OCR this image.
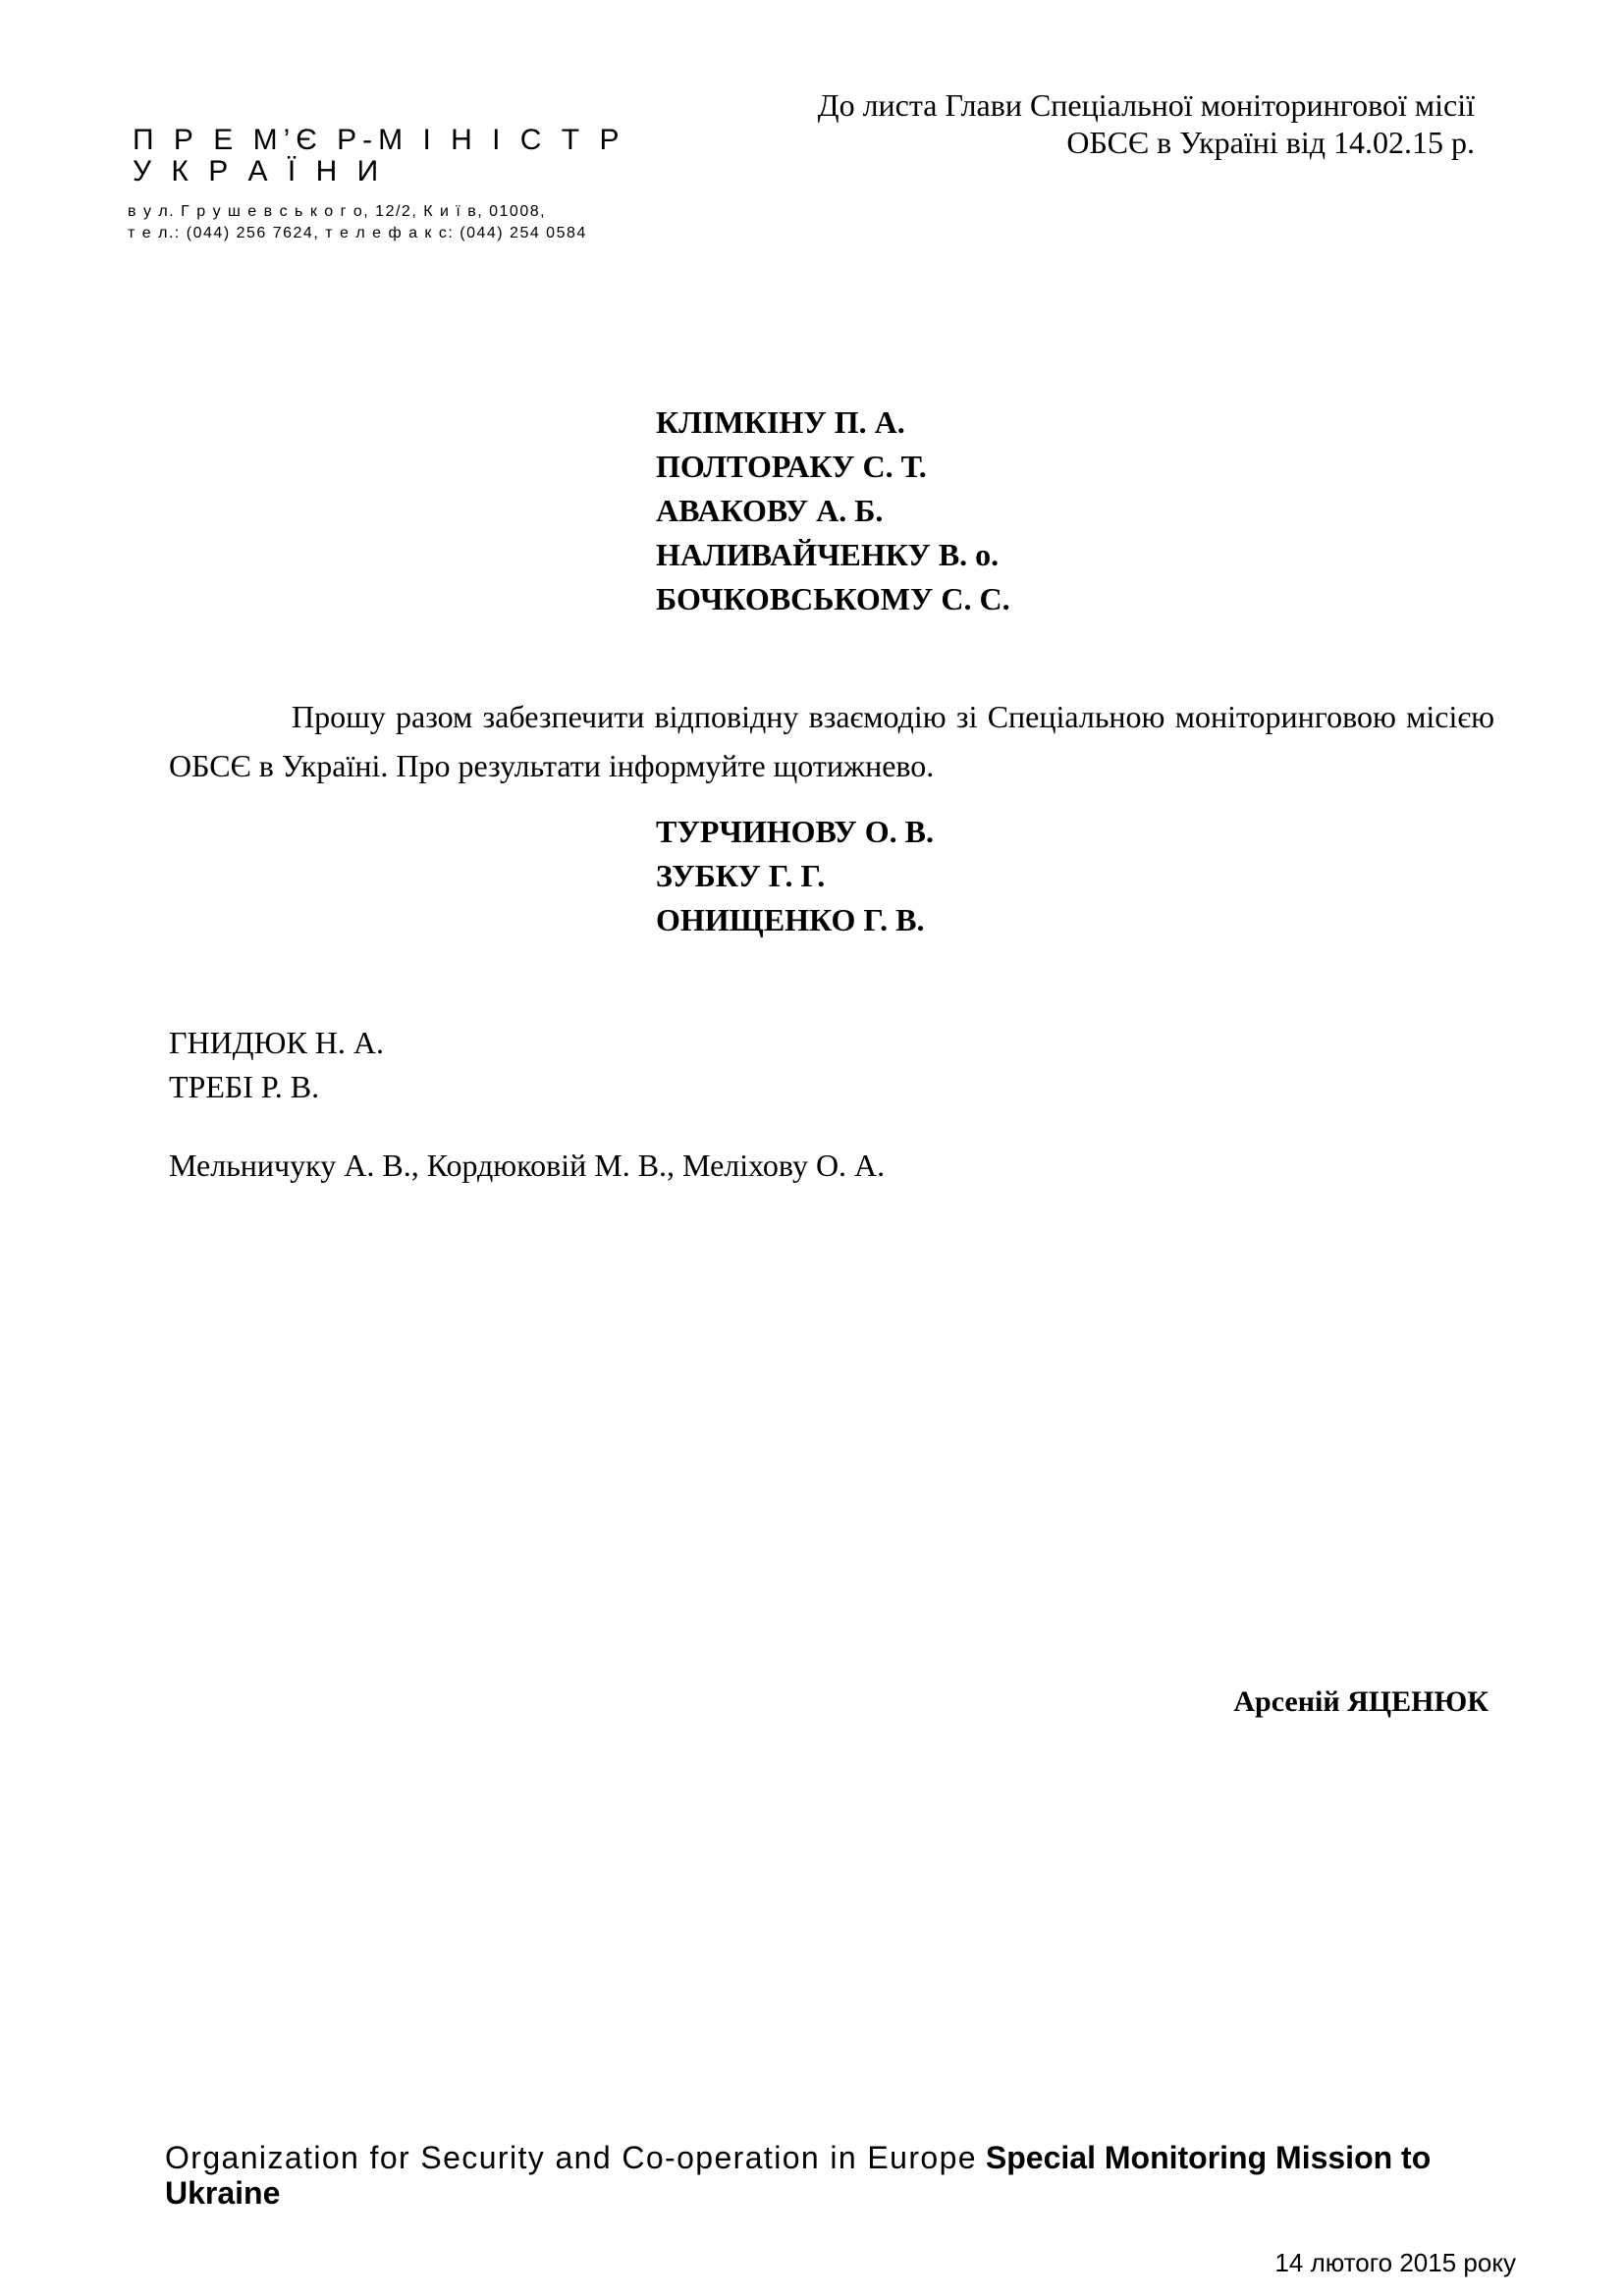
П Р Е М’Є Р-М І Н І С Т Р
У К Р А Ї Н И
в у л. Г р у ш е в с ь к о г о, 12/2, К и ї в, 01008,
т е л.: (044) 256 7624, т е л е ф а к с: (044) 254 0584
До листа Глави Спеціальної моніторингової місії
ОБСЄ в Україні від 14.02.15 р.
КЛІМКІНУ П. А.
ПОЛТОРАКУ С. Т.
АВАКОВУ А. Б.
НАЛИВАЙЧЕНКУ В. о.
БОЧКОВСЬКОМУ С. С.
Прошу разом забезпечити відповідну взаємодію зі Спеціальною моніторинговою місією ОБСЄ в Україні. Про результати інформуйте щотижнево.
ТУРЧИНОВУ О. В.
ЗУБКУ Г. Г.
ОНИЩЕНКО Г. В.
ГНИДЮК Н. А.
ТРЕБІ Р. В.
Мельничуку А. В., Кордюковій М. В., Меліхову О. А.
Арсеній ЯЦЕНЮК
Organization for Security and Co-operation in Europe Special Monitoring Mission to Ukraine
14 лютого 2015 року
